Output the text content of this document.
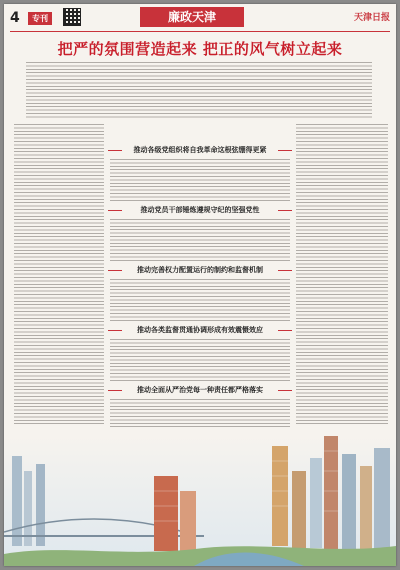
4	专刊	廉政天津	天津日报
把严的氛围营造起来 把正的风气树立起来
推动各级党组织将自我革命这根弦绷得更紧
推动党员干部锤炼遵规守纪的坚强党性
推动完善权力配置运行的制约和监督机制
推动各类监督贯通协调形成有效震慑效应
推动全面从严治党每一种责任都严格落实
